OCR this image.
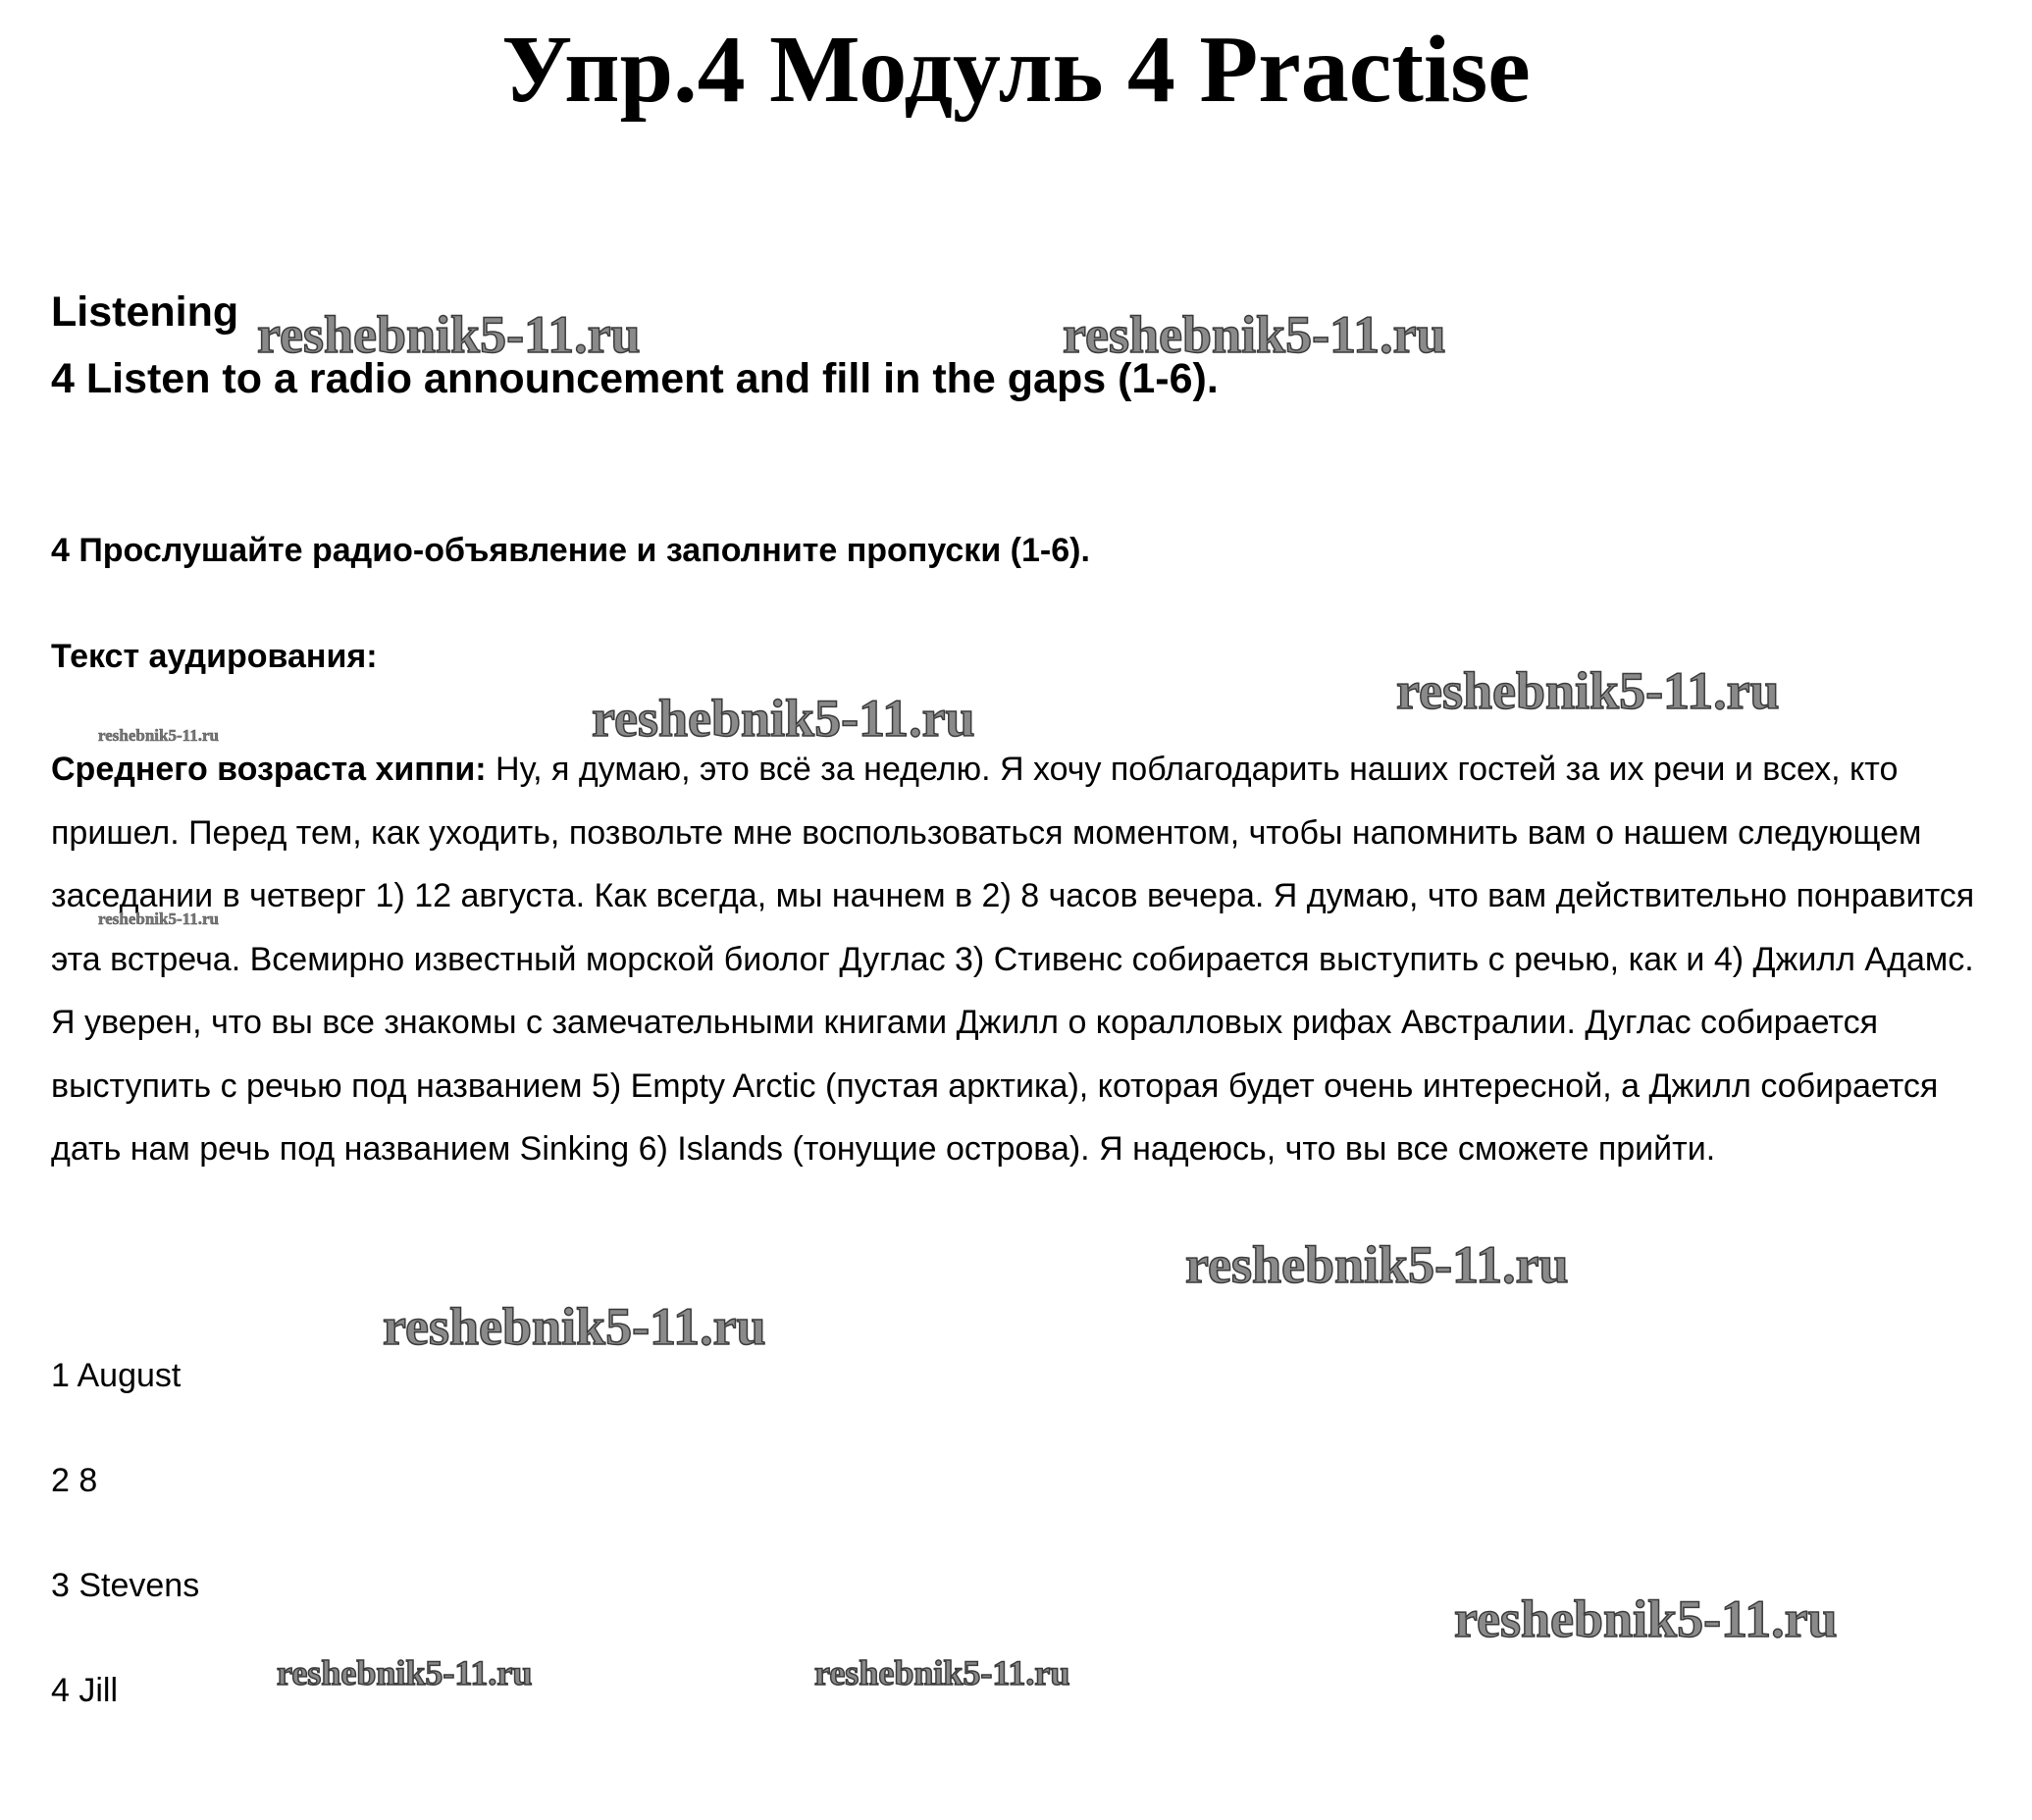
Упр.4 Модуль 4 Practise
Listening
4 Listen to a radio announcement and fill in the gaps (1-6).
4 Прослушайте радио-объявление и заполните пропуски (1-6).
Текст аудирования:

Среднего возраста хиппи: Ну, я думаю, это всё за неделю. Я хочу поблагодарить наших гостей за их речи и всех, кто пришел. Перед тем, как уходить, позвольте мне воспользоваться моментом, чтобы напомнить вам о нашем следующем заседании в четверг 1) 12 августа. Как всегда, мы начнем в 2) 8 часов вечера. Я думаю, что вам действительно понравится эта встреча. Всемирно известный морской биолог Дуглас 3) Стивенс собирается выступить с речью, как и 4) Джилл Адамс. Я уверен, что вы все знакомы с замечательными книгами Джилл о коралловых рифах Австралии. Дуглас собирается выступить с речью под названием 5) Empty Arctic (пустая арктика), которая будет очень интересной, а Джилл собирается дать нам речь под названием Sinking 6) Islands (тонущие острова). Я надеюсь, что вы все сможете прийти.

1 August
2 8
3 Stevens
4 Jill
reshebnik5-11.ru	reshebnik5-11.ru
reshebnik5-11.ru
reshebnik5-11.ru
reshebnik5-11.ru
reshebnik5-11.ru
reshebnik5-11.ru
reshebnik5-11.ru
reshebnik5-11.ru
reshebnik5-11.ru	reshebnik5-11.ru
